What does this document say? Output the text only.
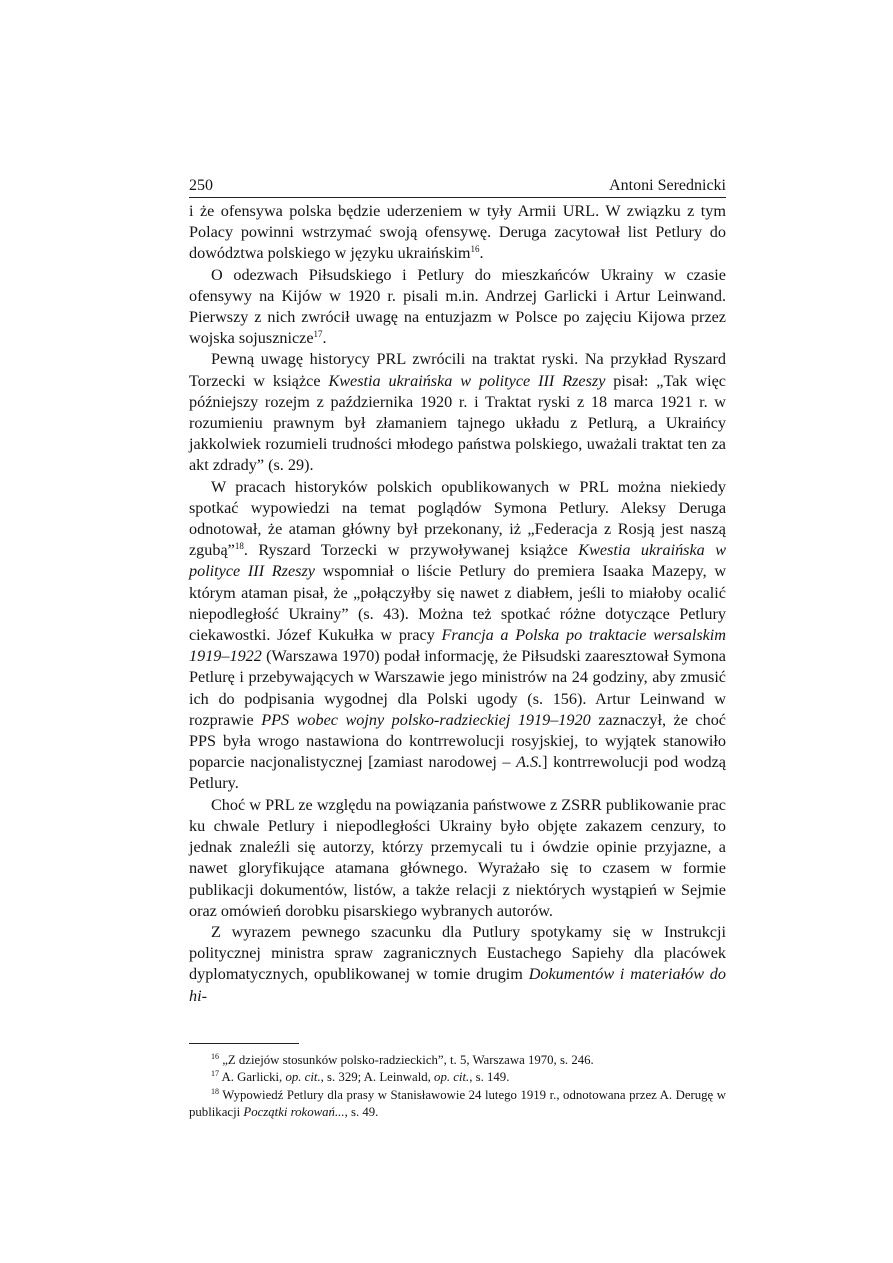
250	Antoni Serednicki

i że ofensywa polska będzie uderzeniem w tyły Armii URL. W związku z tym Polacy powinni wstrzymać swoją ofensywę. Deruga zacytował list Petlury do dowództwa polskiego w języku ukraińskim$^{16}$.

O odezwach Piłsudskiego i Petlury do mieszkańców Ukrainy w czasie ofensywy na Kijów w 1920 r. pisali m.in. Andrzej Garlicki i Artur Leinwand. Pierwszy z nich zwrócił uwagę na entuzjazm w Polsce po zajęciu Kijowa przez wojska sojusznicze$^{17}$.

Pewną uwagę historycy PRL zwrócili na traktat ryski. Na przykład Ryszard Torzecki w książce Kwestia ukraińska w polityce III Rzeszy pisał: „Tak więc późniejszy rozejm z października 1920 r. i Traktat ryski z 18 marca 1921 r. w rozumieniu prawnym był złamaniem tajnego układu z Petlurą, a Ukraińcy jakkolwiek rozumieli trudności młodego państwa polskiego, uważali traktat ten za akt zdrady” (s. 29).

W pracach historyków polskich opublikowanych w PRL można niekiedy spotkać wypowiedzi na temat poglądów Symona Petlury. Aleksy Deruga odnotował, że ataman główny był przekonany, iż „Federacja z Rosją jest naszą zgubą”$^{18}$. Ryszard Torzecki w przywoływanej książce Kwestia ukraińska w polityce III Rzeszy wspomniał o liście Petlury do premiera Isaaka Mazepy, w którym ataman pisał, że „połączyłby się nawet z diabłem, jeśli to miałoby ocalić niepodległość Ukrainy” (s. 43). Można też spotkać różne dotyczące Petlury ciekawostki. Józef Kukułka w pracy Francja a Polska po traktacie wersalskim 1919–1922 (Warszawa 1970) podał informację, że Piłsudski zaaresztował Symona Petlurę i przebywających w Warszawie jego ministrów na 24 godziny, aby zmusić ich do podpisania wygodnej dla Polski ugody (s. 156). Artur Leinwand w rozprawie PPS wobec wojny polsko-radzieckiej 1919–1920 zaznaczył, że choć PPS była wrogo nastawiona do kontrrewolucji rosyjskiej, to wyjątek stanowiło poparcie nacjonalistycznej [zamiast narodowej – A.S.] kontrrewolucji pod wodzą Petlury.

Choć w PRL ze względu na powiązania państwowe z ZSRR publikowanie prac ku chwale Petlury i niepodległości Ukrainy było objęte zakazem cenzury, to jednak znaleźli się autorzy, którzy przemycali tu i ówdzie opinie przyjazne, a nawet gloryfikujące atamana głównego. Wyrażało się to czasem w formie publikacji dokumentów, listów, a także relacji z niektórych wystąpień w Sejmie oraz omówień dorobku pisarskiego wybranych autorów.

Z wyrazem pewnego szacunku dla Putlury spotykamy się w Instrukcji politycznej ministra spraw zagranicznych Eustachego Sapiehy dla placówek dyplomatycznych, opublikowanej w tomie drugim Dokumentów i materiałów do hi-

$^{16}$ „Z dziejów stosunków polsko-radzieckich”, t. 5, Warszawa 1970, s. 246.

$^{17}$ A. Garlicki, op. cit., s. 329; A. Leinwald, op. cit., s. 149.

$^{18}$ Wypowiedź Petlury dla prasy w Stanisławowie 24 lutego 1919 r., odnotowana przez A. Derugę w publikacji Początki rokowań..., s. 49.
